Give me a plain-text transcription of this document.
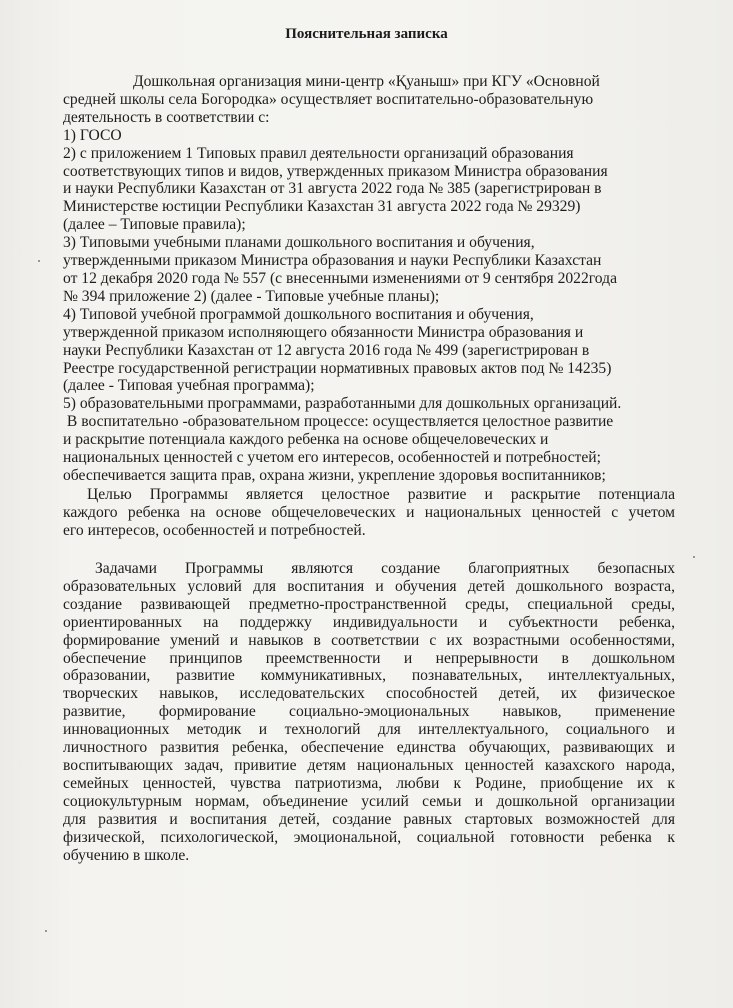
Пояснительная записка
Дошкольная организация мини-центр «Қуаныш» при КГУ «Основной
средней школы села Богородка» осуществляет воспитательно-образовательную
деятельность в соответствии с:
1) ГОСО
2) с приложением 1 Типовых правил деятельности организаций образования
соответствующих типов и видов, утвержденных приказом Министра образования
и науки Республики Казахстан от 31 августа 2022 года № 385 (зарегистрирован в
Министерстве юстиции Республики Казахстан 31 августа 2022 года № 29329)
(далее – Типовые правила);
3) Типовыми учебными планами дошкольного воспитания и обучения,
утвержденными приказом Министра образования и науки Республики Казахстан
от 12 декабря 2020 года № 557 (с внесенными изменениями от 9 сентября 2022года
№ 394 приложение 2) (далее - Типовые учебные планы);
4) Типовой учебной программой дошкольного воспитания и обучения,
утвержденной приказом исполняющего обязанности Министра образования и
науки Республики Казахстан от 12 августа 2016 года № 499 (зарегистрирован в
Реестре государственной регистрации нормативных правовых актов под № 14235)
(далее - Типовая учебная программа);
5) образовательными программами, разработанными для дошкольных организаций.
В воспитательно -образовательном процессе: осуществляется целостное развитие
и раскрытие потенциала каждого ребенка на основе общечеловеческих и
национальных ценностей с учетом его интересов, особенностей и потребностей;
обеспечивается защита прав, охрана жизни, укрепление здоровья воспитанников;
Целью Программы является целостное развитие и раскрытие потенциала
каждого ребенка на основе общечеловеческих и национальных ценностей с учетом
его интересов, особенностей и потребностей.
Задачами Программы являются создание благоприятных безопасных
образовательных условий для воспитания и обучения детей дошкольного возраста,
создание развивающей предметно-пространственной среды, специальной среды,
ориентированных на поддержку индивидуальности и субъектности ребенка,
формирование умений и навыков в соответствии с их возрастными особенностями,
обеспечение принципов преемственности и непрерывности в дошкольном
образовании, развитие коммуникативных, познавательных, интеллектуальных,
творческих навыков, исследовательских способностей детей, их физическое
развитие, формирование социально-эмоциональных навыков, применение
инновационных методик и технологий для интеллектуального, социального и
личностного развития ребенка, обеспечение единства обучающих, развивающих и
воспитывающих задач, привитие детям национальных ценностей казахского народа,
семейных ценностей, чувства патриотизма, любви к Родине, приобщение их к
социокультурным нормам, объединение усилий семьи и дошкольной организации
для развития и воспитания детей, создание равных стартовых возможностей для
физической, психологической, эмоциональной, социальной готовности ребенка к
обучению в школе.
